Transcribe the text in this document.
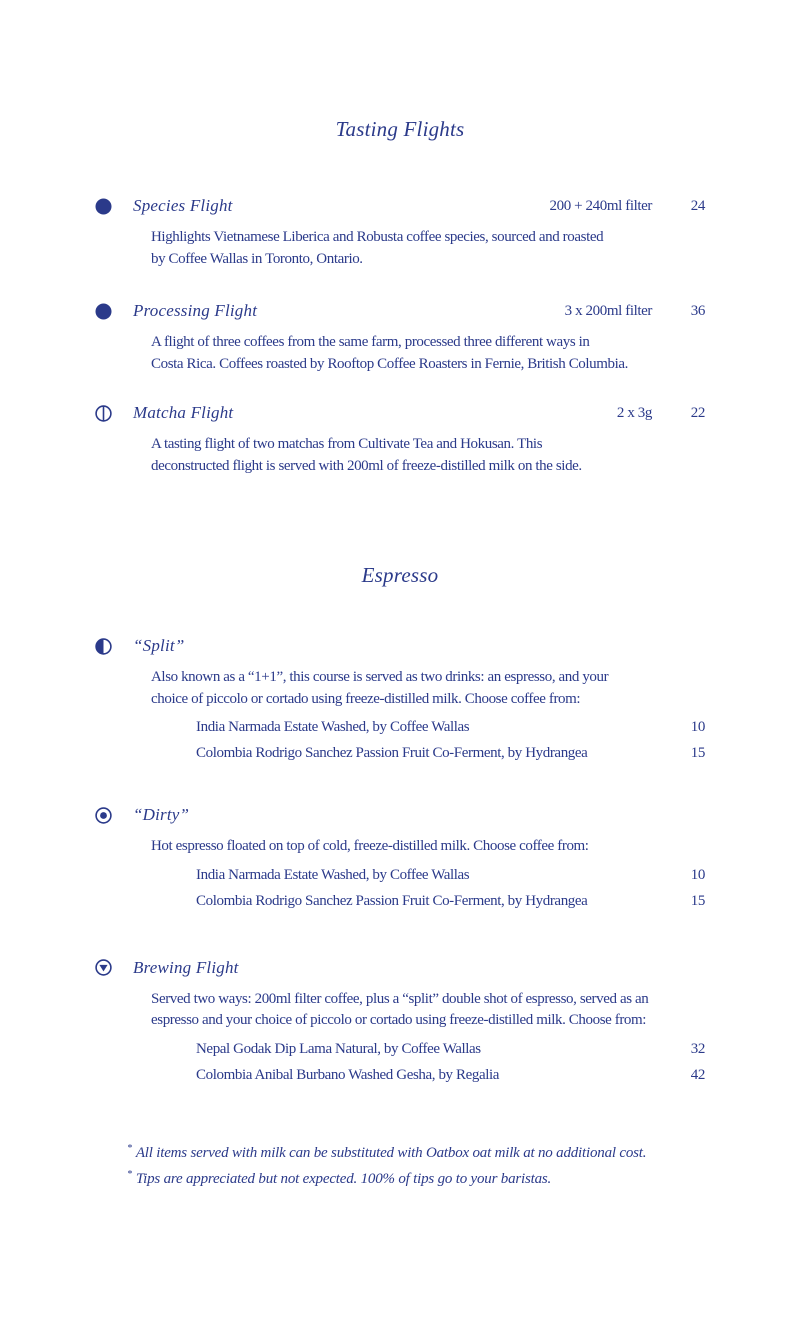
Tasting Flights
Species Flight	200 + 240ml filter	24
Highlights Vietnamese Liberica and Robusta coffee species, sourced and roasted
by Coffee Wallas in Toronto, Ontario.
Processing Flight	3 x 200ml filter	36
A flight of three coffees from the same farm, processed three different ways in
Costa Rica. Coffees roasted by Rooftop Coffee Roasters in Fernie, British Columbia.
Matcha Flight	2 x 3g	22
A tasting flight of two matchas from Cultivate Tea and Hokusan. This
deconstructed flight is served with 200ml of freeze-distilled milk on the side.
Espresso
“Split”
Also known as a “1+1”, this course is served as two drinks: an espresso, and your
choice of piccolo or cortado using freeze-distilled milk. Choose coffee from:
India Narmada Estate Washed, by Coffee Wallas	10
Colombia Rodrigo Sanchez Passion Fruit Co-Ferment, by Hydrangea	15
“Dirty”
Hot espresso floated on top of cold, freeze-distilled milk. Choose coffee from:
India Narmada Estate Washed, by Coffee Wallas	10
Colombia Rodrigo Sanchez Passion Fruit Co-Ferment, by Hydrangea	15
Brewing Flight
Served two ways: 200ml filter coffee, plus a “split” double shot of espresso, served as an
espresso and your choice of piccolo or cortado using freeze-distilled milk. Choose from:
Nepal Godak Dip Lama Natural, by Coffee Wallas	32
Colombia Anibal Burbano Washed Gesha, by Regalia	42
* All items served with milk can be substituted with Oatbox oat milk at no additional cost.
* Tips are appreciated but not expected. 100% of tips go to your baristas.
